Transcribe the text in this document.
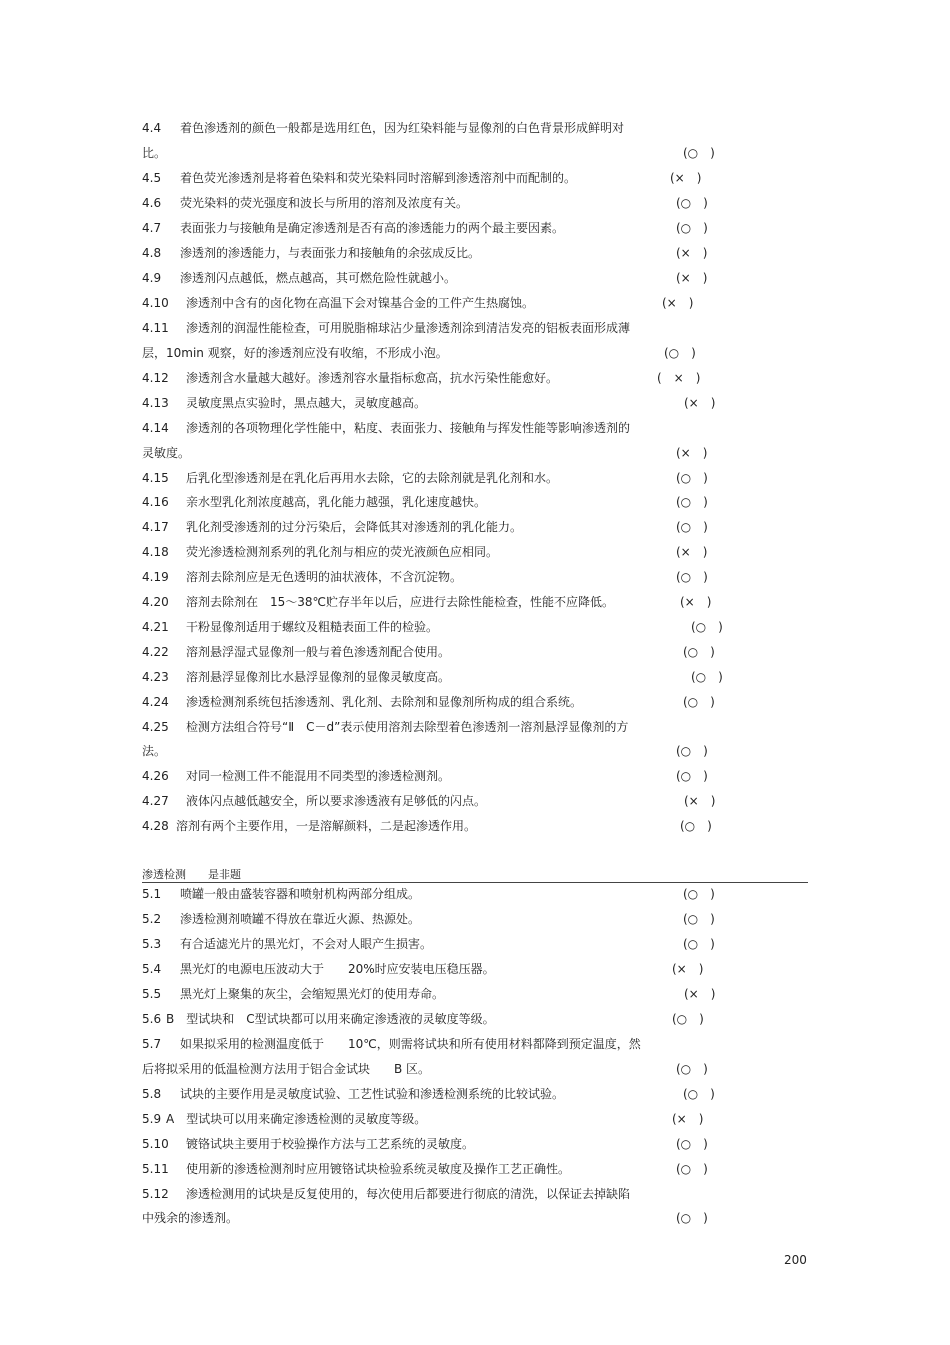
4.4 着色渗透剂的颜色一般都是选用红色，因为红染料能与显像剂的白色背景形成鲜明对
比。	(○　)
4.5 着色荧光渗透剂是将着色染料和荧光染料同时溶解到渗透溶剂中而配制的。	(×　)
4.6 荧光染料的荧光强度和波长与所用的溶剂及浓度有关。	(○　)
4.7 表面张力与接触角是确定渗透剂是否有高的渗透能力的两个最主要因素。	(○　)
4.8 渗透剂的渗透能力，与表面张力和接触角的余弦成反比。	(×　)
4.9 渗透剂闪点越低，燃点越高，其可燃危险性就越小。	(×　)
4.10 渗透剂中含有的卤化物在高温下会对镍基合金的工件产生热腐蚀。	(×　)
4.11 渗透剂的润湿性能检查，可用脱脂棉球沾少量渗透剂涂到清洁发亮的铝板表面形成薄
层，10min 观察，好的渗透剂应没有收缩，不形成小泡。	(○　)
4.12 渗透剂含水量越大越好。渗透剂容水量指标愈高，抗水污染性能愈好。	(　×　)
4.13 灵敏度黑点实验时，黑点越大，灵敏度越高。	(×　)
4.14 渗透剂的各项物理化学性能中，粘度、表面张力、接触角与挥发性能等影响渗透剂的
灵敏度。	(×　)
4.15 后乳化型渗透剂是在乳化后再用水去除，它的去除剂就是乳化剂和水。	(○　)
4.16 亲水型乳化剂浓度越高，乳化能力越强，乳化速度越快。	(○　)
4.17 乳化剂受渗透剂的过分污染后，会降低其对渗透剂的乳化能力。	(○　)
4.18 荧光渗透检测剂系列的乳化剂与相应的荧光液颜色应相同。	(×　)
4.19 溶剂去除剂应是无色透明的油状液体，不含沉淀物。	(○　)
4.20 溶剂去除剂在　15～38℃贮存半年以后，应进行去除性能检查，性能不应降低。	(×　)
4.21 干粉显像剂适用于螺纹及粗糙表面工件的检验。	(○　)
4.22 溶剂悬浮湿式显像剂一般与着色渗透剂配合使用。	(○　)
4.23 溶剂悬浮显像剂比水悬浮显像剂的显像灵敏度高。	(○　)
4.24 渗透检测剂系统包括渗透剂、乳化剂、去除剂和显像剂所构成的组合系统。	(○　)
4.25 检测方法组合符号“Ⅱ　C－d”表示使用溶剂去除型着色渗透剂一溶剂悬浮显像剂的方
法。	(○　)
4.26 对同一检测工件不能混用不同类型的渗透检测剂。	(○　)
4.27 液体闪点越低越安全，所以要求渗透液有足够低的闪点。	(×　)
4.28 溶剂有两个主要作用，一是溶解颜料，二是起渗透作用。	(○　)
渗透检测　　是非题
5.1 喷罐一般由盛装容器和喷射机构两部分组成。	(○　)
5.2 渗透检测剂喷罐不得放在靠近火源、热源处。	(○　)
5.3 有合适滤光片的黑光灯，不会对人眼产生损害。	(○　)
5.4 黑光灯的电源电压波动大于　　20%时应安装电压稳压器。	(×　)
5.5 黑光灯上聚集的灰尘，会缩短黑光灯的使用寿命。	(×　)
5.6 B　型试块和　C型试块都可以用来确定渗透液的灵敏度等级。	(○　)
5.7 如果拟采用的检测温度低于　　10℃，则需将试块和所有使用材料都降到预定温度，然
后将拟采用的低温检测方法用于铝合金试块　　B 区。	(○　)
5.8 试块的主要作用是灵敏度试验、工艺性试验和渗透检测系统的比较试验。	(○　)
5.9 A　型试块可以用来确定渗透检测的灵敏度等级。	(×　)
5.10 镀铬试块主要用于校验操作方法与工艺系统的灵敏度。	(○　)
5.11 使用新的渗透检测剂时应用镀铬试块检验系统灵敏度及操作工艺正确性。	(○　)
5.12 渗透检测用的试块是反复使用的，每次使用后都要进行彻底的清洗，以保证去掉缺陷
中残余的渗透剂。	(○　)
200
